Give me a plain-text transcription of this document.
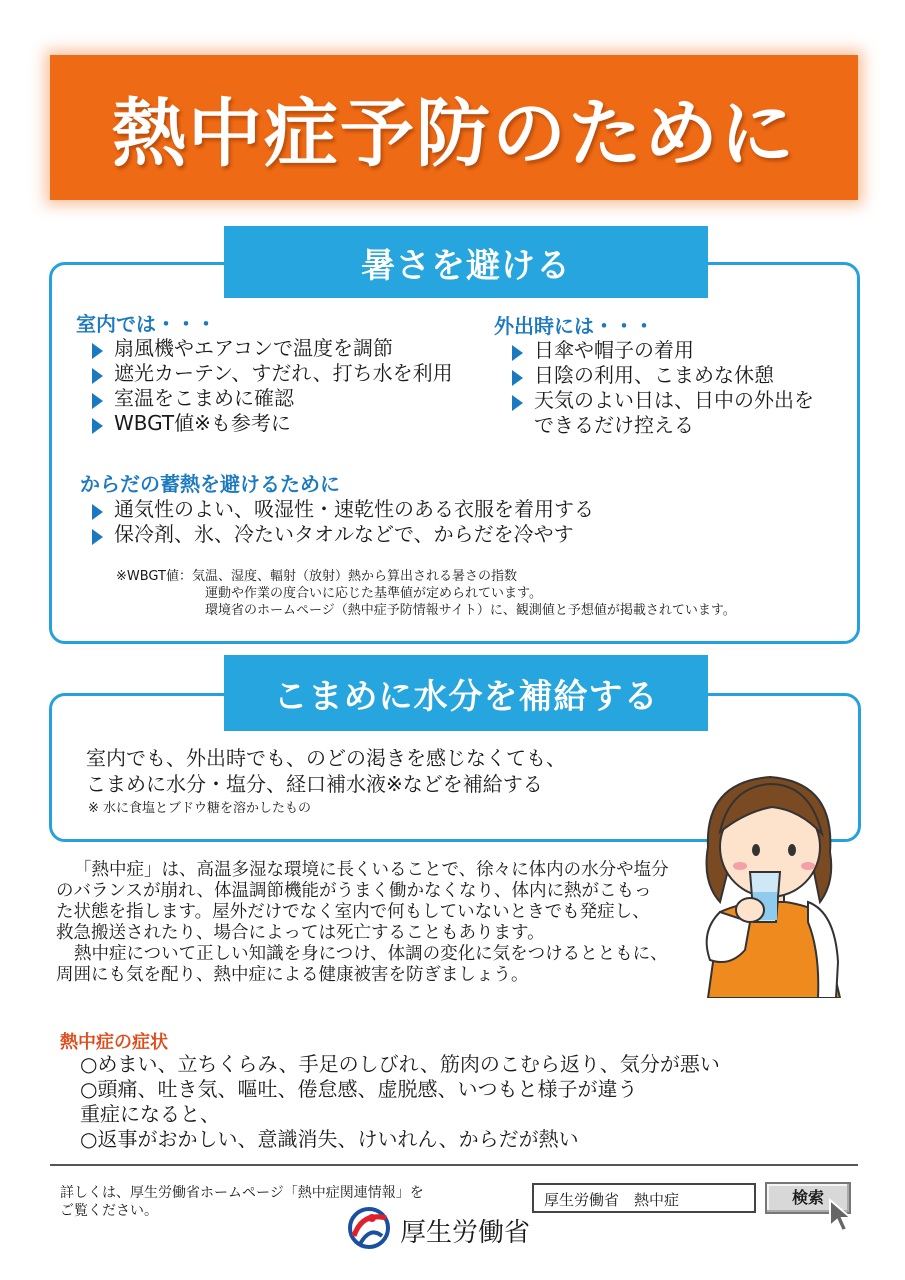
熱中症予防のために
暑さを避ける
室内では・・・
扇風機やエアコンで温度を調節
遮光カーテン、すだれ、打ち水を利用
室温をこまめに確認
WBGT値※も参考に
外出時には・・・
日傘や帽子の着用
日陰の利用、こまめな休憩
天気のよい日は、日中の外出を
できるだけ控える
からだの蓄熱を避けるために
通気性のよい、吸湿性・速乾性のある衣服を着用する
保冷剤、氷、冷たいタオルなどで、からだを冷やす
※WBGT値：気温、湿度、輻射（放射）熱から算出される暑さの指数
運動や作業の度合いに応じた基準値が定められています。
環境省のホームページ（熱中症予防情報サイト）に、観測値と予想値が掲載されています。
こまめに水分を補給する
室内でも、外出時でも、のどの渇きを感じなくても、
こまめに水分・塩分、経口補水液※などを補給する
※ 水に食塩とブドウ糖を溶かしたもの
「熱中症」は、高温多湿な環境に長くいることで、徐々に体内の水分や塩分
のバランスが崩れ、体温調節機能がうまく働かなくなり、体内に熱がこもっ
た状態を指します。屋外だけでなく室内で何もしていないときでも発症し、
救急搬送されたり、場合によっては死亡することもあります。
熱中症について正しい知識を身につけ、体調の変化に気をつけるとともに、
周囲にも気を配り、熱中症による健康被害を防ぎましょう。
熱中症の症状
○めまい、立ちくらみ、手足のしびれ、筋肉のこむら返り、気分が悪い
○頭痛、吐き気、嘔吐、倦怠感、虚脱感、いつもと様子が違う
重症になると、
○返事がおかしい、意識消失、けいれん、からだが熱い
詳しくは、厚生労働省ホームページ「熱中症関連情報」を
ご覧ください。
厚生労働省　熱中症	検索
厚生労働省
